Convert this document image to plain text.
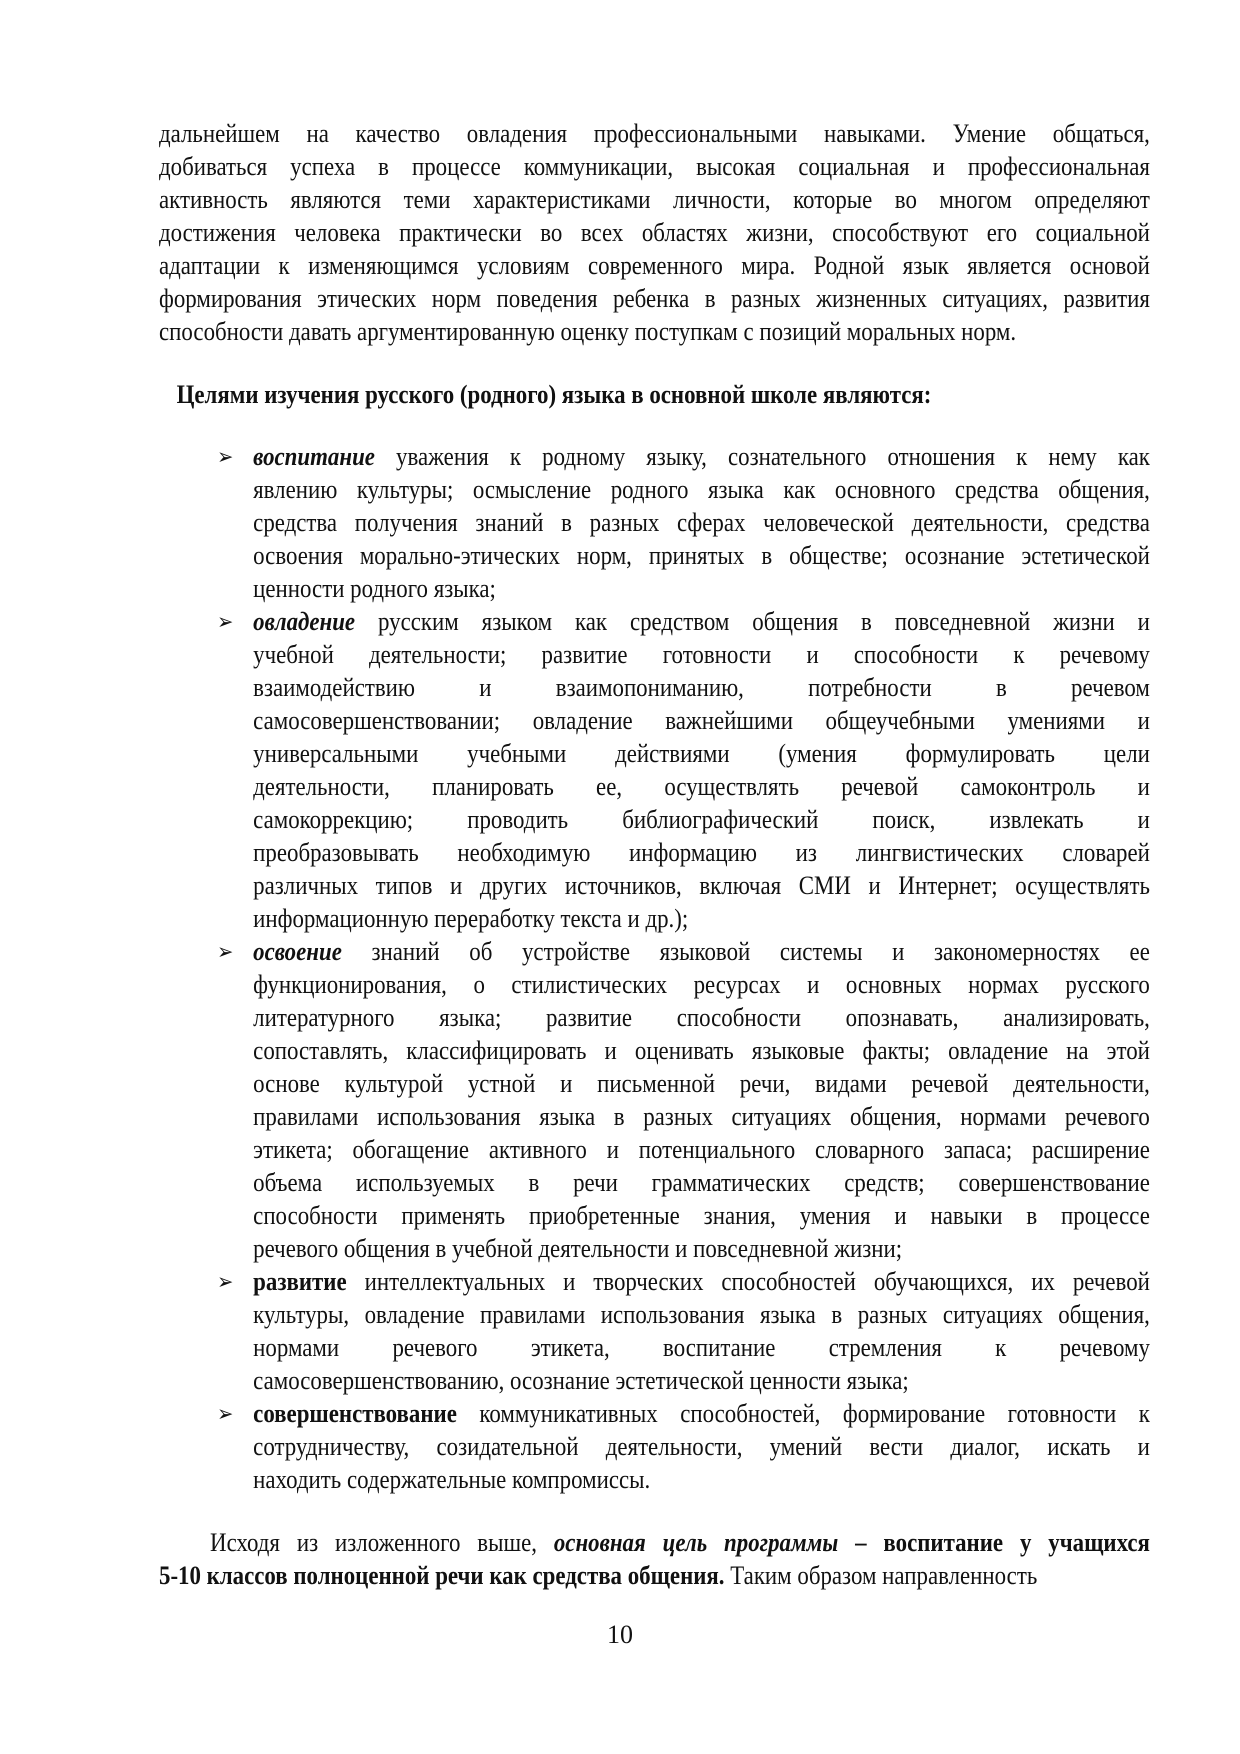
дальнейшем на качество овладения профессиональными навыками. Умение общаться,
добиваться успеха в процессе коммуникации, высокая социальная и профессиональная
активность являются теми характеристиками личности, которые во многом определяют
достижения человека практически во всех областях жизни, способствуют его социальной
адаптации к изменяющимся условиям современного мира. Родной язык является основой
формирования этических норм поведения ребенка в разных жизненных ситуациях, развития
способности давать аргументированную оценку поступкам с позиций моральных норм.
Целями изучения русского (родного) языка в основной школе являются:
➢ воспитание уважения к родному языку, сознательного отношения к нему как
явлению культуры; осмысление родного языка как основного средства общения,
средства получения знаний в разных сферах человеческой деятельности, средства
освоения морально-этических норм, принятых в обществе; осознание эстетической
ценности родного языка;
➢ овладение русским языком как средством общения в повседневной жизни и
учебной деятельности; развитие готовности и способности к речевому
взаимодействию и взаимопониманию, потребности в речевом
самосовершенствовании; овладение важнейшими общеучебными умениями и
универсальными учебными действиями (умения формулировать цели
деятельности, планировать ее, осуществлять речевой самоконтроль и
самокоррекцию; проводить библиографический поиск, извлекать и
преобразовывать необходимую информацию из лингвистических словарей
различных типов и других источников, включая СМИ и Интернет; осуществлять
информационную переработку текста и др.);
➢ освоение знаний об устройстве языковой системы и закономерностях ее
функционирования, о стилистических ресурсах и основных нормах русского
литературного языка; развитие способности опознавать, анализировать,
сопоставлять, классифицировать и оценивать языковые факты; овладение на этой
основе культурой устной и письменной речи, видами речевой деятельности,
правилами использования языка в разных ситуациях общения, нормами речевого
этикета; обогащение активного и потенциального словарного запаса; расширение
объема используемых в речи грамматических средств; совершенствование
способности применять приобретенные знания, умения и навыки в процессе
речевого общения в учебной деятельности и повседневной жизни;
➢ развитие интеллектуальных и творческих способностей обучающихся, их речевой
культуры, овладение правилами использования языка в разных ситуациях общения,
нормами речевого этикета, воспитание стремления к речевому
самосовершенствованию, осознание эстетической ценности языка;
➢ совершенствование коммуникативных способностей, формирование готовности к
сотрудничеству, созидательной деятельности, умений вести диалог, искать и
находить содержательные компромиссы.
Исходя из изложенного выше, основная цель программы – воспитание у учащихся
5-10 классов полноценной речи как средства общения. Таким образом направленность
10
